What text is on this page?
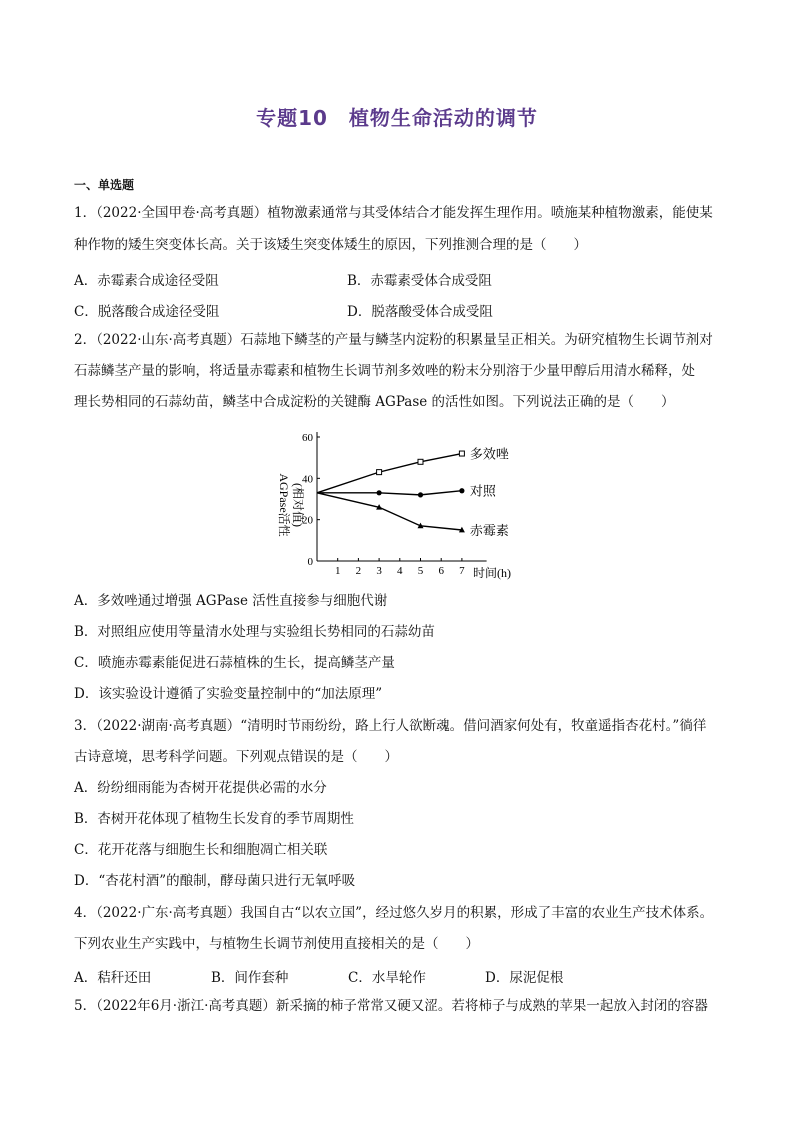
专题10　植物生命活动的调节
一、单选题
1．（2022·全国甲卷·高考真题）植物激素通常与其受体结合才能发挥生理作用。喷施某种植物激素，能使某
种作物的矮生突变体长高。关于该矮生突变体矮生的原因，下列推测合理的是（　　）
A．赤霉素合成途径受阻	B．赤霉素受体合成受阻
C．脱落酸合成途径受阻	D．脱落酸受体合成受阻
2．（2022·山东·高考真题）石蒜地下鳞茎的产量与鳞茎内淀粉的积累量呈正相关。为研究植物生长调节剂对
石蒜鳞茎产量的影响，将适量赤霉素和植物生长调节剂多效唑的粉末分别溶于少量甲醇后用清水稀释，处
理长势相同的石蒜幼苗，鳞茎中合成淀粉的关键酶 AGPase 的活性如图。下列说法正确的是（　　）
1 2 3 4 5 6 7
0
20
40
60
多效唑
对照
赤霉素
AGPase活性 (相对值)
时间(h)
A．多效唑通过增强 AGPase 活性直接参与细胞代谢
B．对照组应使用等量清水处理与实验组长势相同的石蒜幼苗
C．喷施赤霉素能促进石蒜植株的生长，提高鳞茎产量
D．该实验设计遵循了实验变量控制中的“加法原理”
3．（2022·湖南·高考真题）“清明时节雨纷纷，路上行人欲断魂。借问酒家何处有，牧童遥指杏花村。”徜徉
古诗意境，思考科学问题。下列观点错误的是（　　）
A．纷纷细雨能为杏树开花提供必需的水分
B．杏树开花体现了植物生长发育的季节周期性
C．花开花落与细胞生长和细胞凋亡相关联
D．“杏花村酒”的酿制，酵母菌只进行无氧呼吸
4．（2022·广东·高考真题）我国自古“以农立国”，经过悠久岁月的积累，形成了丰富的农业生产技术体系。
下列农业生产实践中，与植物生长调节剂使用直接相关的是（　　）
A．秸秆还田	B．间作套种	C．水旱轮作	D．尿泥促根
5．（2022年6月·浙江·高考真题）新采摘的柿子常常又硬又涩。若将柿子与成熟的苹果一起放入封闭的容器
